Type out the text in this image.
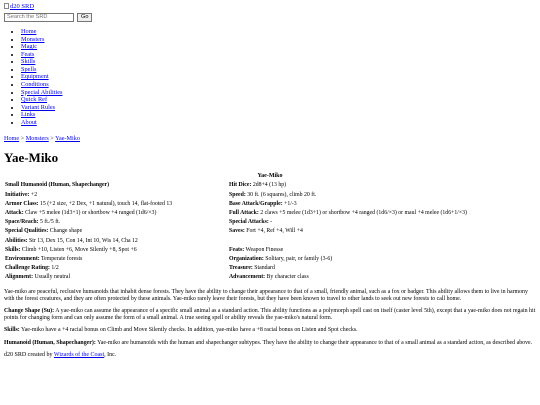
d20 SRD
Search the SRD
Go
• Home
• Monsters
• Magic
• Feats
• Skills
• Spells
• Equipment
• Conditions
• Special Abilities
• Quick Ref
• Variant Rules
• Links
• About
Home > Monsters > Yae-Miko
Yae-Miko
Yae-Miko
Small Humanoid (Human, Shapechanger)	Hit Dice: 2d8+4 (13 hp)
Initiative: +2	Speed: 30 ft. (6 squares), climb 20 ft.
Armor Class: 15 (+2 size, +2 Dex, +1 natural), touch 14, flat-footed 13	Base Attack/Grapple: +1/-3
Attack: Claw +5 melee (1d3+1) or shortbow +4 ranged (1d6/×3)	Full Attack: 2 claws +5 melee (1d3+1) or shortbow +4 ranged (1d6/×3) or maul +4 melee (1d6+1/×3)
Space/Reach: 5 ft./5 ft.	Special Attacks: -
Special Qualities: Change shape	Saves: Fort +4, Ref +4, Will +4
Abilities: Str 13, Dex 15, Con 14, Int 10, Wis 14, Cha 12	
Skills: Climb +10, Listen +6, Move Silently +8, Spot +6	Feats: Weapon Finesse
Environment: Temperate forests	Organization: Solitary, pair, or family (3-6)
Challenge Rating: 1/2	Treasure: Standard
Alignment: Usually neutral	Advancement: By character class

Yae-miko are peaceful, reclusive humanoids that inhabit dense forests. They have the ability to change their appearance to that of a small, friendly animal, such as a fox or badger. This ability allows them to live in harmony with the forest creatures, and they are often protected by these animals. Yae-miko rarely leave their forests, but they have been known to travel to other lands to seek out new forests to call home.

Change Shape (Su): A yae-miko can assume the appearance of a specific small animal as a standard action. This ability functions as a polymorph spell cast on itself (caster level 5th), except that a yae-miko does not regain hit points for changing form and can only assume the form of a small animal. A true seeing spell or ability reveals the yae-miko's natural form.

Skills: Yae-miko have a +4 racial bonus on Climb and Move Silently checks. In addition, yae-miko have a +8 racial bonus on Listen and Spot checks.

Humanoid (Human, Shapechanger): Yae-miko are humanoids with the human and shapechanger subtypes. They have the ability to change their appearance to that of a small animal as a standard action, as described above.

d20 SRD created by Wizards of the Coast, Inc.
